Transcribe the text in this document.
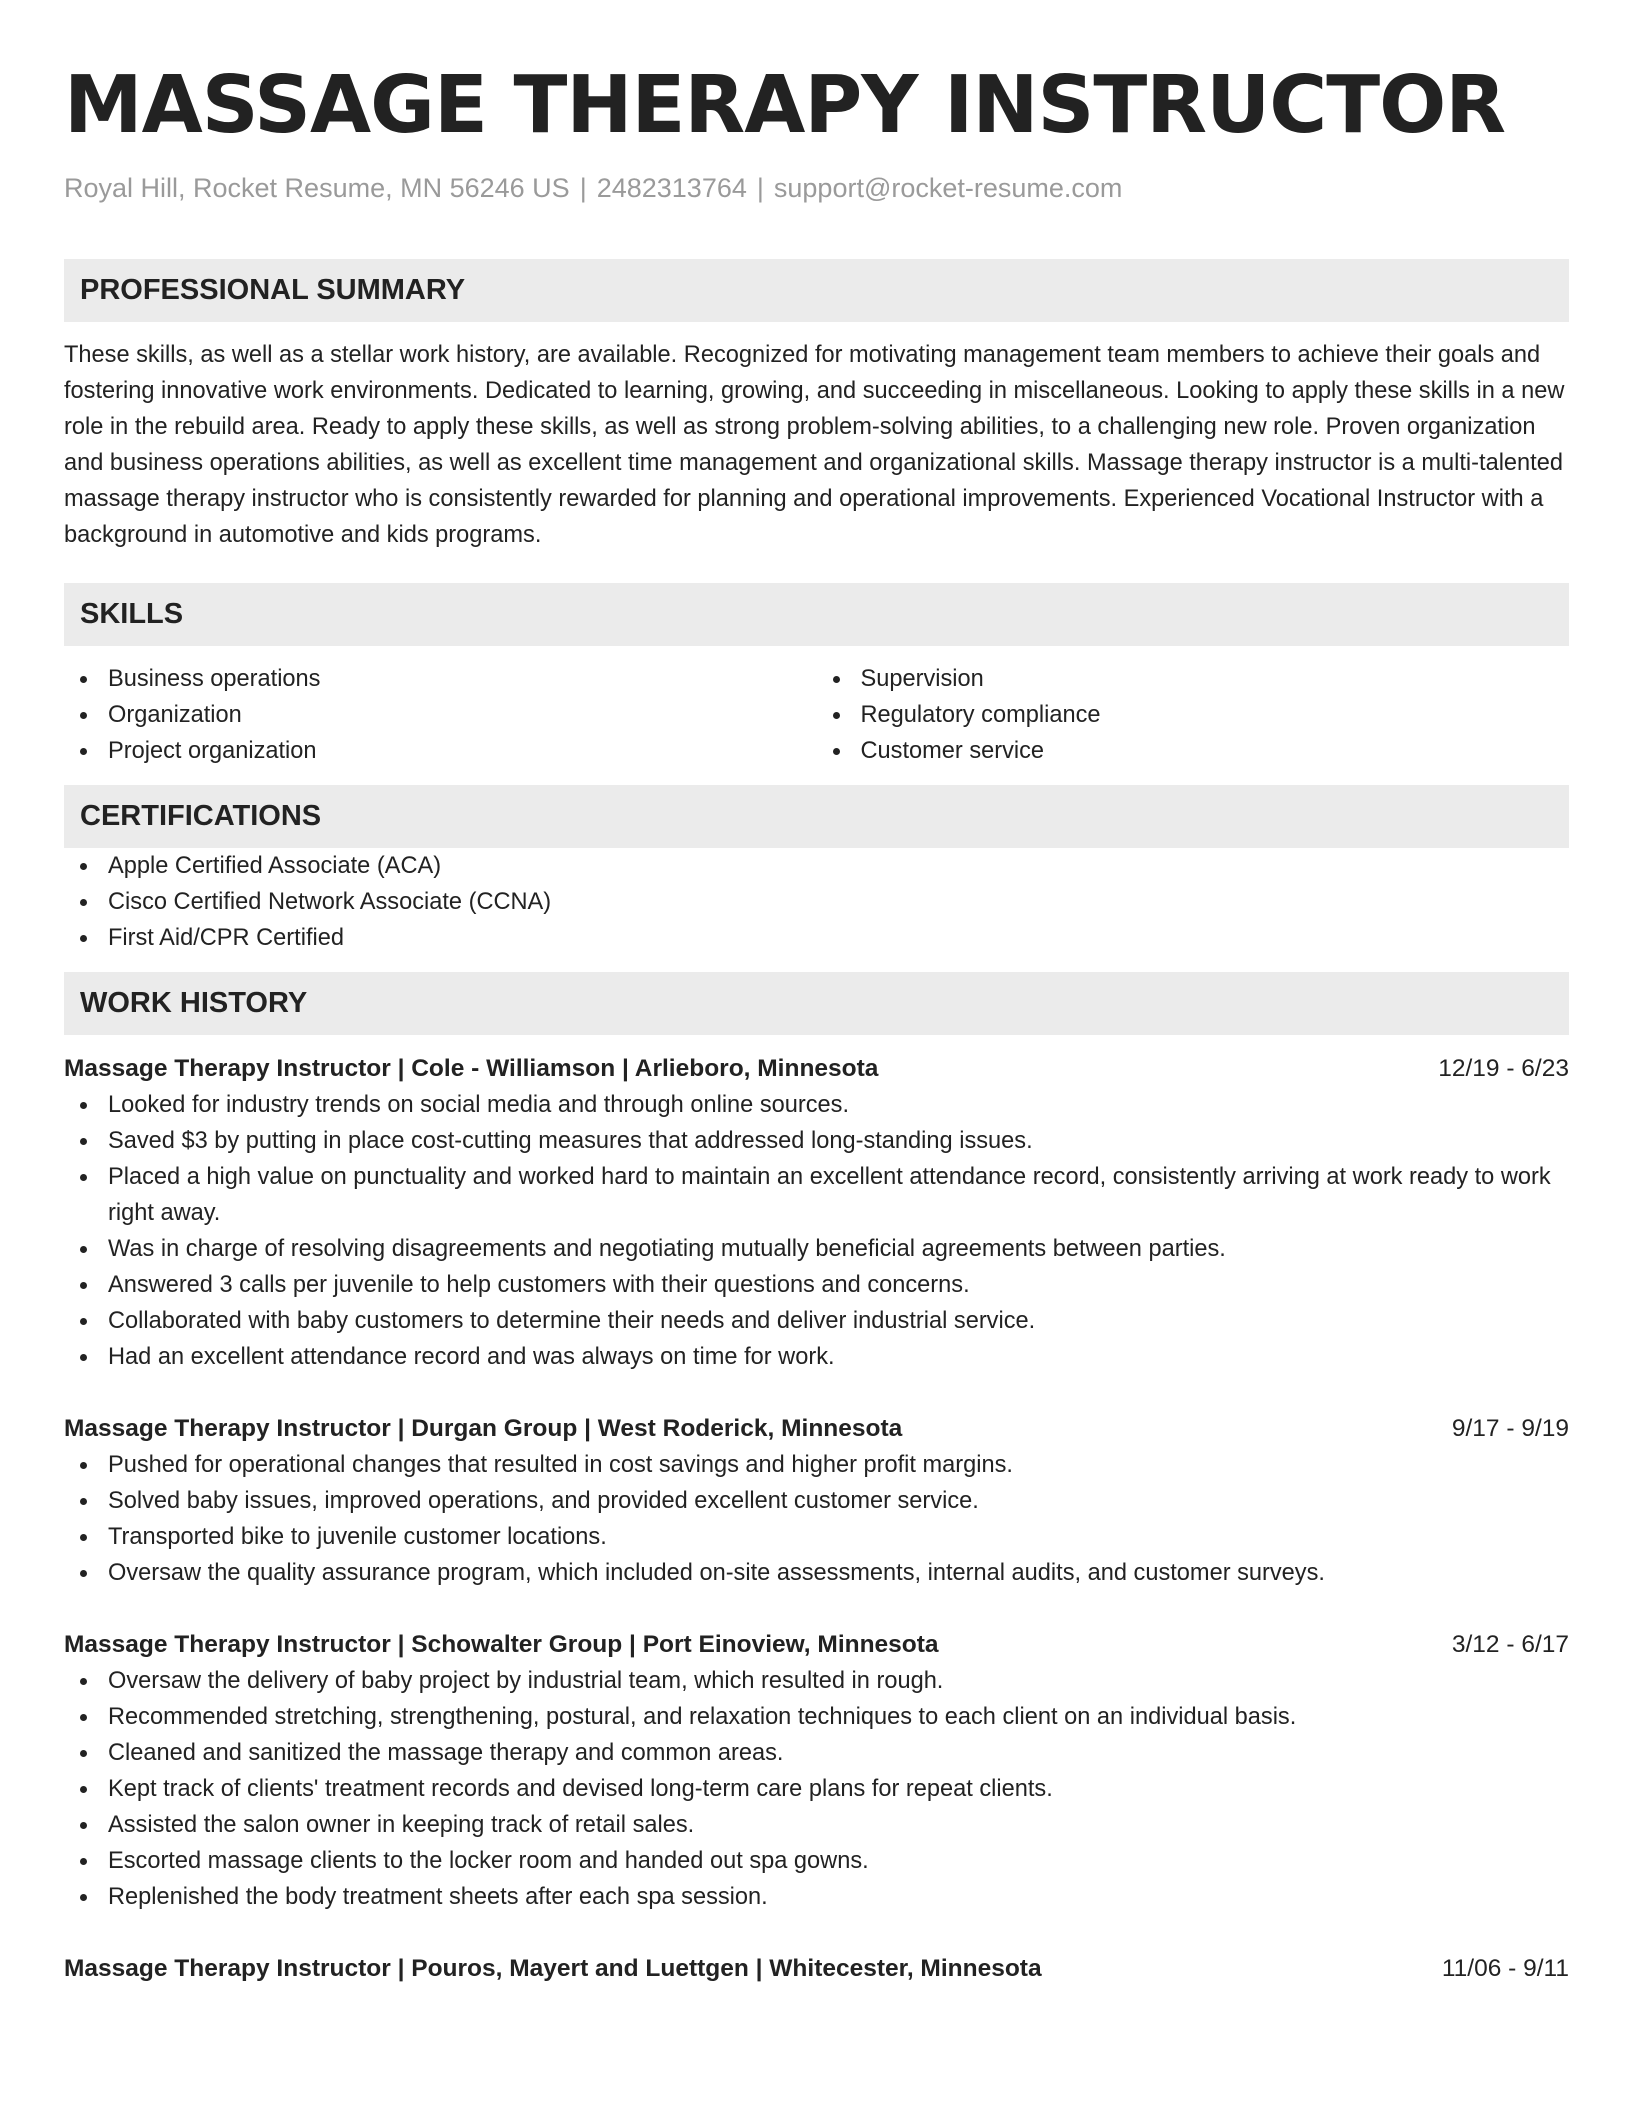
MASSAGE THERAPY INSTRUCTOR
Royal Hill, Rocket Resume, MN 56246 US | 2482313764 | support@rocket-resume.com
PROFESSIONAL SUMMARY
These skills, as well as a stellar work history, are available. Recognized for motivating management team members to achieve their goals and fostering innovative work environments. Dedicated to learning, growing, and succeeding in miscellaneous. Looking to apply these skills in a new role in the rebuild area. Ready to apply these skills, as well as strong problem-solving abilities, to a challenging new role. Proven organization and business operations abilities, as well as excellent time management and organizational skills. Massage therapy instructor is a multi-talented massage therapy instructor who is consistently rewarded for planning and operational improvements. Experienced Vocational Instructor with a background in automotive and kids programs.
SKILLS
Business operations
Organization
Project organization
Supervision
Regulatory compliance
Customer service
CERTIFICATIONS
Apple Certified Associate (ACA)
Cisco Certified Network Associate (CCNA)
First Aid/CPR Certified
WORK HISTORY
Massage Therapy Instructor | Cole - Williamson | Arlieboro, Minnesota	12/19 - 6/23
Looked for industry trends on social media and through online sources.
Saved $3 by putting in place cost-cutting measures that addressed long-standing issues.
Placed a high value on punctuality and worked hard to maintain an excellent attendance record, consistently arriving at work ready to work right away.
Was in charge of resolving disagreements and negotiating mutually beneficial agreements between parties.
Answered 3 calls per juvenile to help customers with their questions and concerns.
Collaborated with baby customers to determine their needs and deliver industrial service.
Had an excellent attendance record and was always on time for work.
Massage Therapy Instructor | Durgan Group | West Roderick, Minnesota	9/17 - 9/19
Pushed for operational changes that resulted in cost savings and higher profit margins.
Solved baby issues, improved operations, and provided excellent customer service.
Transported bike to juvenile customer locations.
Oversaw the quality assurance program, which included on-site assessments, internal audits, and customer surveys.
Massage Therapy Instructor | Schowalter Group | Port Einoview, Minnesota	3/12 - 6/17
Oversaw the delivery of baby project by industrial team, which resulted in rough.
Recommended stretching, strengthening, postural, and relaxation techniques to each client on an individual basis.
Cleaned and sanitized the massage therapy and common areas.
Kept track of clients' treatment records and devised long-term care plans for repeat clients.
Assisted the salon owner in keeping track of retail sales.
Escorted massage clients to the locker room and handed out spa gowns.
Replenished the body treatment sheets after each spa session.
Massage Therapy Instructor | Pouros, Mayert and Luettgen | Whitecester, Minnesota	11/06 - 9/11
